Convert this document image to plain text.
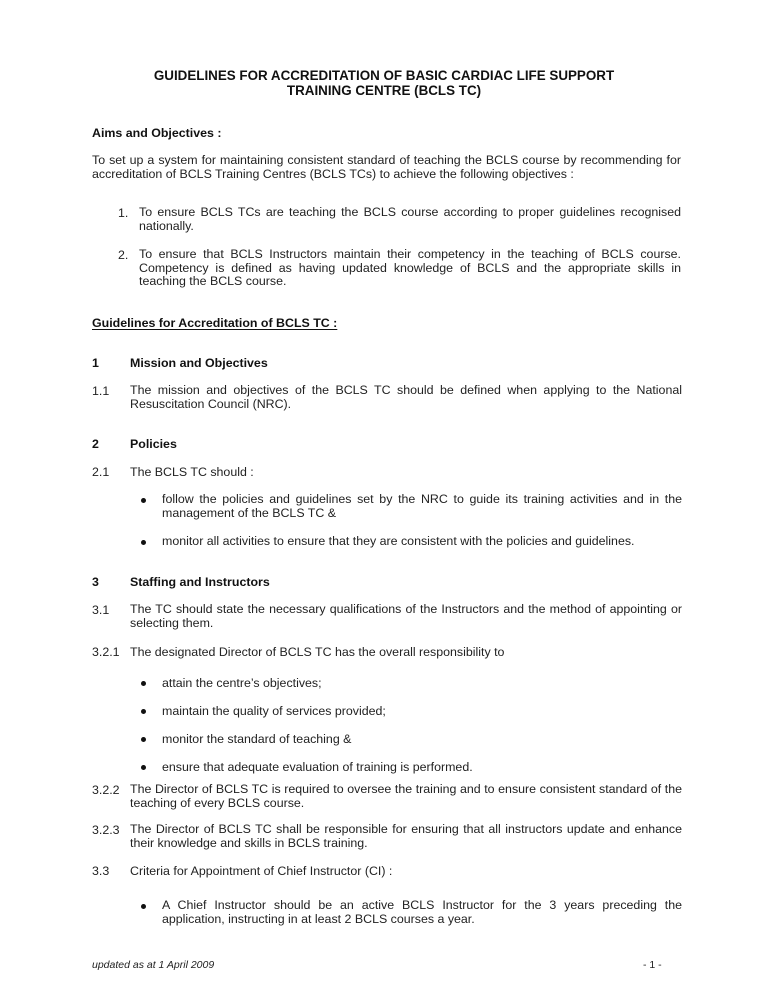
GUIDELINES FOR ACCREDITATION OF BASIC CARDIAC LIFE SUPPORT
TRAINING CENTRE (BCLS TC)
Aims and Objectives :
To set up a system for maintaining consistent standard of teaching the BCLS course by recommending for accreditation of BCLS Training Centres (BCLS TCs) to achieve the following objectives :
1. To ensure BCLS TCs are teaching the BCLS course according to proper guidelines recognised nationally.
2. To ensure that BCLS Instructors maintain their competency in the teaching of BCLS course. Competency is defined as having updated knowledge of BCLS and the appropriate skills in teaching the BCLS course.
Guidelines for Accreditation of BCLS TC :
1	Mission and Objectives
1.1	The mission and objectives of the BCLS TC should be defined when applying to the National Resuscitation Council (NRC).
2	Policies
2.1	The BCLS TC should :
follow the policies and guidelines set by the NRC to guide its training activities and in the management of the BCLS TC &
monitor all activities to ensure that they are consistent with the policies and guidelines.
3	Staffing and Instructors
3.1	The TC should state the necessary qualifications of the Instructors and the method of appointing or selecting them.
3.2.1 The designated Director of BCLS TC has the overall responsibility to
attain the centre’s objectives;
maintain the quality of services provided;
monitor the standard of teaching &
ensure that adequate evaluation of training is performed.
3.2.2 The Director of BCLS TC is required to oversee the training and to ensure consistent standard of the teaching of every BCLS course.
3.2.3 The Director of BCLS TC shall be responsible for ensuring that all instructors update and enhance their knowledge and skills in BCLS training.
3.3	Criteria for Appointment of Chief Instructor (CI) :
A Chief Instructor should be an active BCLS Instructor for the 3 years preceding the application, instructing in at least 2 BCLS courses a year.
updated as at 1 April 2009	- 1 -
